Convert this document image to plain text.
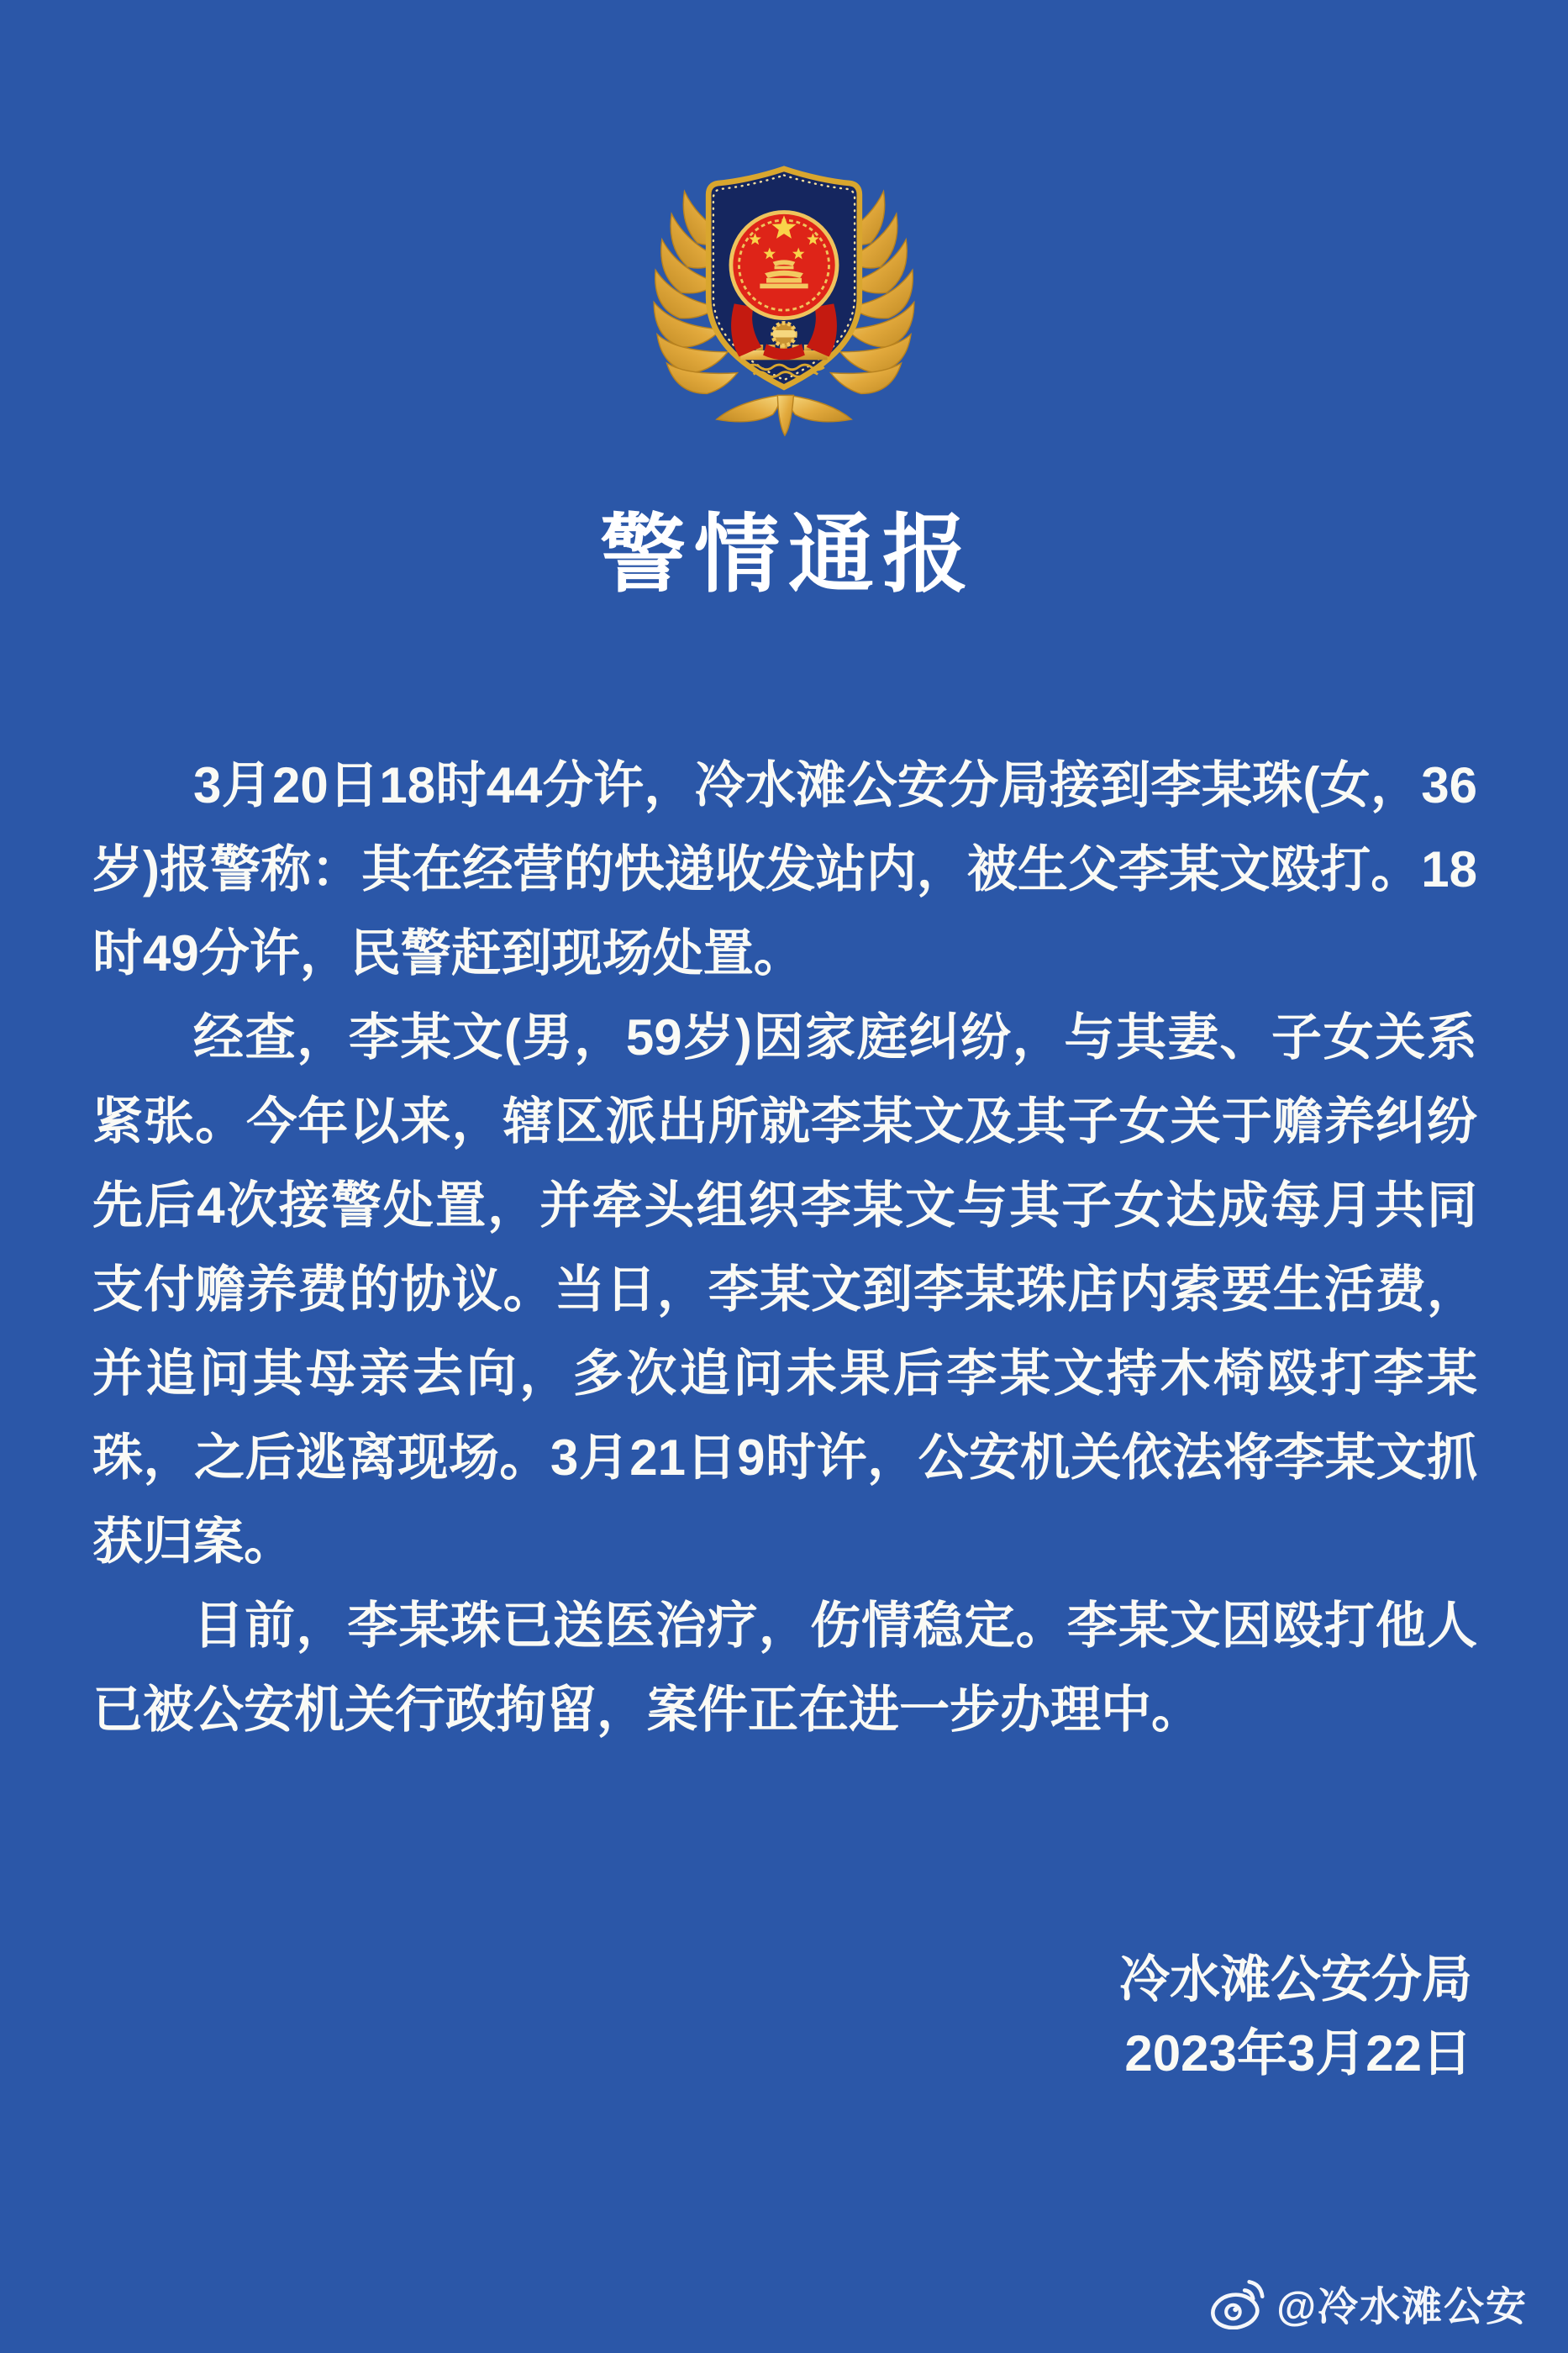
警情通报

3月20日18时44分许，冷水滩公安分局接到李某珠(女，36岁)报警称：其在经营的快递收发站内，被生父李某文殴打。18时49分许，民警赶到现场处置。

经查，李某文(男，59岁)因家庭纠纷，与其妻、子女关系紧张。今年以来，辖区派出所就李某文及其子女关于赡养纠纷先后4次接警处置，并牵头组织李某文与其子女达成每月共同支付赡养费的协议。当日，李某文到李某珠店内索要生活费，并追问其母亲去向，多次追问未果后李某文持木椅殴打李某珠，之后逃离现场。3月21日9时许，公安机关依法将李某文抓获归案。

目前，李某珠已送医治疗，伤情稳定。李某文因殴打他人已被公安机关行政拘留，案件正在进一步办理中。

冷水滩公安分局
2023年3月22日
@冷水滩公安
